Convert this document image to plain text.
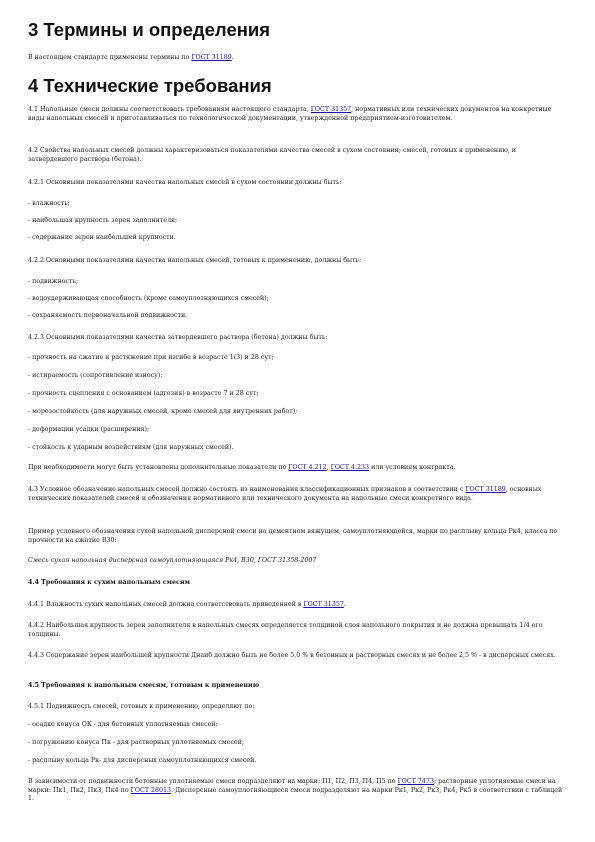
3 Термины и определения

В настоящем стандарте применены термины по ГОСТ 31189.

4 Технические требования

4.1 Напольные смеси должны соответствовать требованиям настоящего стандарта, ГОСТ 31357, нормативных или технических документов на конкретные виды напольных смесей и приготавливаться по технологической документации, утвержденной предприятием-изготовителем.

4.2 Свойства напольных смесей должны характеризоваться показателями качества смесей в сухом состоянии; смесей, готовых к применению, и затвердевшего раствора (бетона).

4.2.1 Основными показателями качества напольных смесей в сухом состоянии должны быть:

- влажность;

- наибольшая крупность зерен заполнителя;

- содержание зерен наибольшей крупности.

4.2.2 Основными показателями качества напольных смесей, готовых к применению, должны быть:

- подвижность;

- водоудерживающая способность (кроме самоуплотняющихся смесей);

- сохраняемость первоначальной подвижности.

4.2.3 Основными показателями качества затвердевшего раствора (бетона) должны быть:

- прочность на сжатие и растяжение при изгибе в возрасте 1(3) и 28 сут;

- истираемость (сопротивление износу);

- прочность сцепления с основанием (адгезия) в возрасте 7 и 28 сут;

- морозостойкость (для наружных смесей, кроме смесей для внутренних работ);

- деформации усадки (расширения);

- стойкость к ударным воздействиям (для наружных смесей).

При необходимости могут быть установлены дополнительные показатели по ГОСТ 4.212, ГОСТ 4.233 или условиям контракта.

4.3 Условное обозначение напольных смесей должно состоять из наименования классификационных признаков в соответствии с ГОСТ 31189, основных технических показателей смесей и обозначения нормативного или технического документа на напольные смеси конкретного вида.

Пример условного обозначения сухой напольной дисперсной смеси на цементном вяжущем, самоуплотняющейся, марки по расплыву кольца Рк4, класса по прочности на сжатие В30:

Смесь сухая напольная дисперсная самоуплотняющаяся Рк4, В30, ГОСТ 31358-2007

4.4 Требования к сухим напольным смесям

4.4.1 Влажность сухих напольных смесей должна соответствовать приведенной в ГОСТ 31357.

4.4.2 Наибольшая крупность зерен заполнителя в напольных смесях определяется толщиной слоя напольного покрытия и не должна превышать 1/4 его толщины.

4.4.3 Содержание зерен наибольшей крупности Днаиб должно быть не более 5,0 % в бетонных и растворных смесях и не более 2,5 % - в дисперсных смесях.

4.5 Требования к напольным смесям, готовым к применению

4.5.1 Подвижность смесей, готовых к применению, определяют по:

- осадке конуса ОК - для бетонных уплотняемых смесей;

- погружению конуса Пк - для растворных уплотняемых смесей;

- расплыву кольца Рк- для дисперсных самоуплотняющихся смесей.

В зависимости от подвижности бетонные уплотняемые смеси подразделяют на марки: П1, П2, П3, П4, П5 по ГОСТ 7473; растворные уплотняемые смеси на марки: Пк1, Пк2, Пк3, Пк4 по ГОСТ 28013. Дисперсные самоуплотняющиеся смеси подразделяют на марки Рк1, Рк2, Рк3, Рк4, Рк5 в соответствии с таблицей 1.
